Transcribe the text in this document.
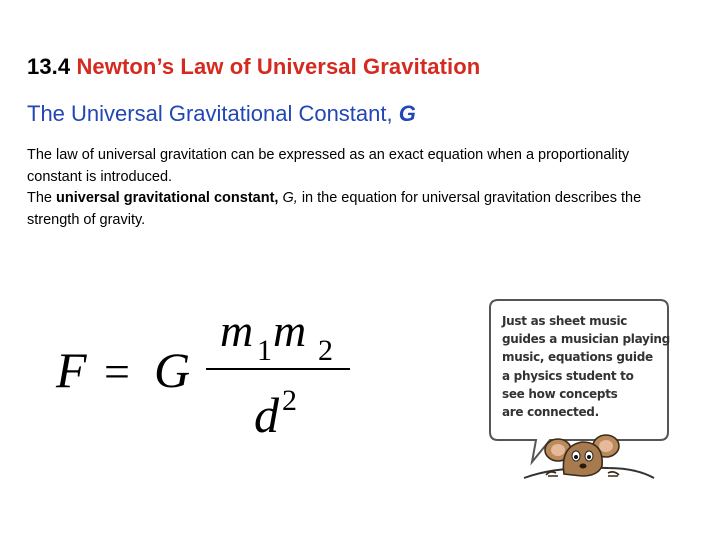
13.4 Newton’s Law of Universal Gravitation
The Universal Gravitational Constant, G

The law of universal gravitation can be expressed as an exact equation when a proportionality constant is introduced.

The universal gravitational constant, G, in the equation for universal gravitation describes the strength of gravity.

F = G
m 1 m 2
d 2
Just as sheet music
guides a musician playing
music, equations guide
a physics student to
see how concepts
are connected.
